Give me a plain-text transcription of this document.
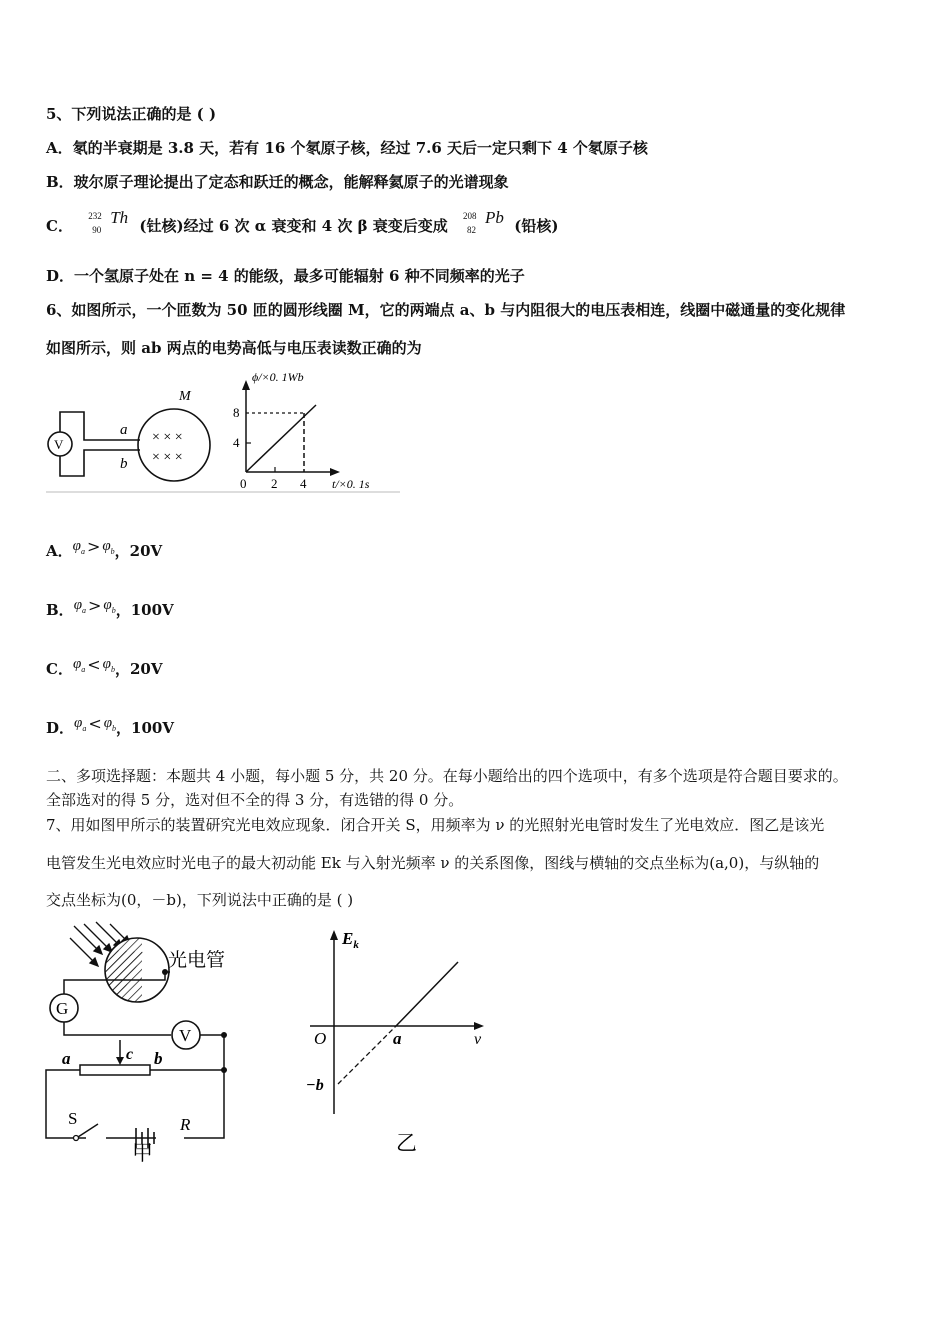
5、下列说法正确的是 ( )
A．氡的半衰期是 3.8 天，若有 16 个氡原子核，经过 7.6 天后一定只剩下 4 个氡原子核
B．玻尔原子理论提出了定态和跃迁的概念，能解释氦原子的光谱现象
C．
232
90
Th (钍核)经过 6 次 α 衰变和 4 次 β 衰变后变成
208
82
Pb (铅核)
D．一个氢原子处在 n = 4 的能级，最多可能辐射 6 种不同频率的光子
6、如图所示，一个匝数为 50 匝的圆形线圈 M，它的两端点 a、b 与内阻很大的电压表相连，线圈中磁通量的变化规律
如图所示，则 ab 两点的电势高低与电压表读数正确的为
V
M
a
b
× × ×
× × ×
ϕ/×0. 1Wb
8
4
0 2 4 t/×0. 1s
A．$\varphi_a > \varphi_b$，20V
B．$\varphi_a > \varphi_b$，100V
C．$\varphi_a < \varphi_b$，20V
D．$\varphi_a < \varphi_b$，100V
二、多项选择题：本题共 4 小题，每小题 5 分，共 20 分。在每小题给出的四个选项中，有多个选项是符合题目要求的。
全部选对的得 5 分，选对但不全的得 3 分，有选错的得 0 分。
7、用如图甲所示的装置研究光电效应现象．闭合开关 S，用频率为 ν 的光照射光电管时发生了光电效应．图乙是该光
电管发生光电效应时光电子的最大初动能 Ek 与入射光频率 ν 的关系图像，图线与横轴的交点坐标为(a,0)，与纵轴的
交点坐标为(0，－b)，下列说法中正确的是 ( )
光电管
G
V
a	b
c
S	R
甲
$E_k$
O	a	ν
−b
乙
